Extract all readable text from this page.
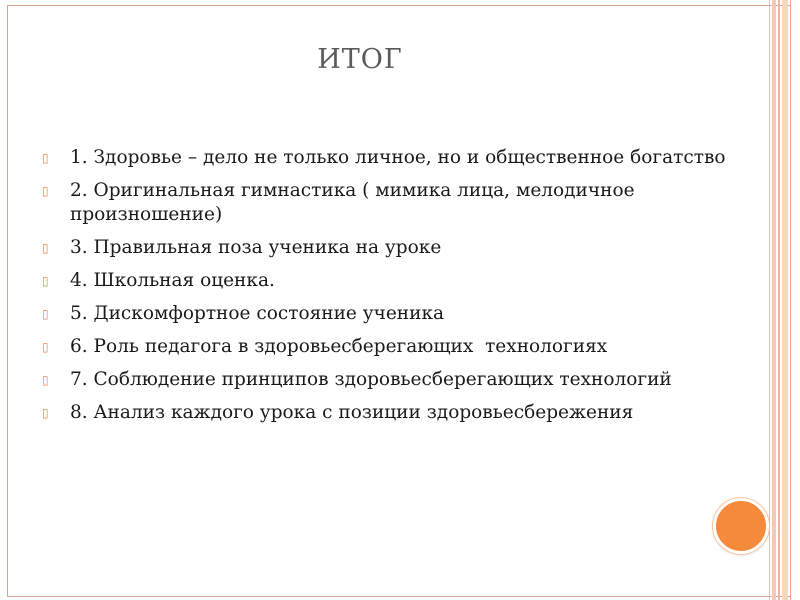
ИТОГ
▯	1. Здоровье – дело не только личное, но и общественное богатство
▯	2. Оригинальная гимнастика ( мимика лица, мелодичное произношение)
▯	3. Правильная поза ученика на уроке
▯	4. Школьная оценка.
▯	5. Дискомфортное состояние ученика
▯	6. Роль педагога в здоровьесберегающих  технологиях
▯	7. Соблюдение принципов здоровьесберегающих технологий
▯	8. Анализ каждого урока с позиции здоровьесбережения
